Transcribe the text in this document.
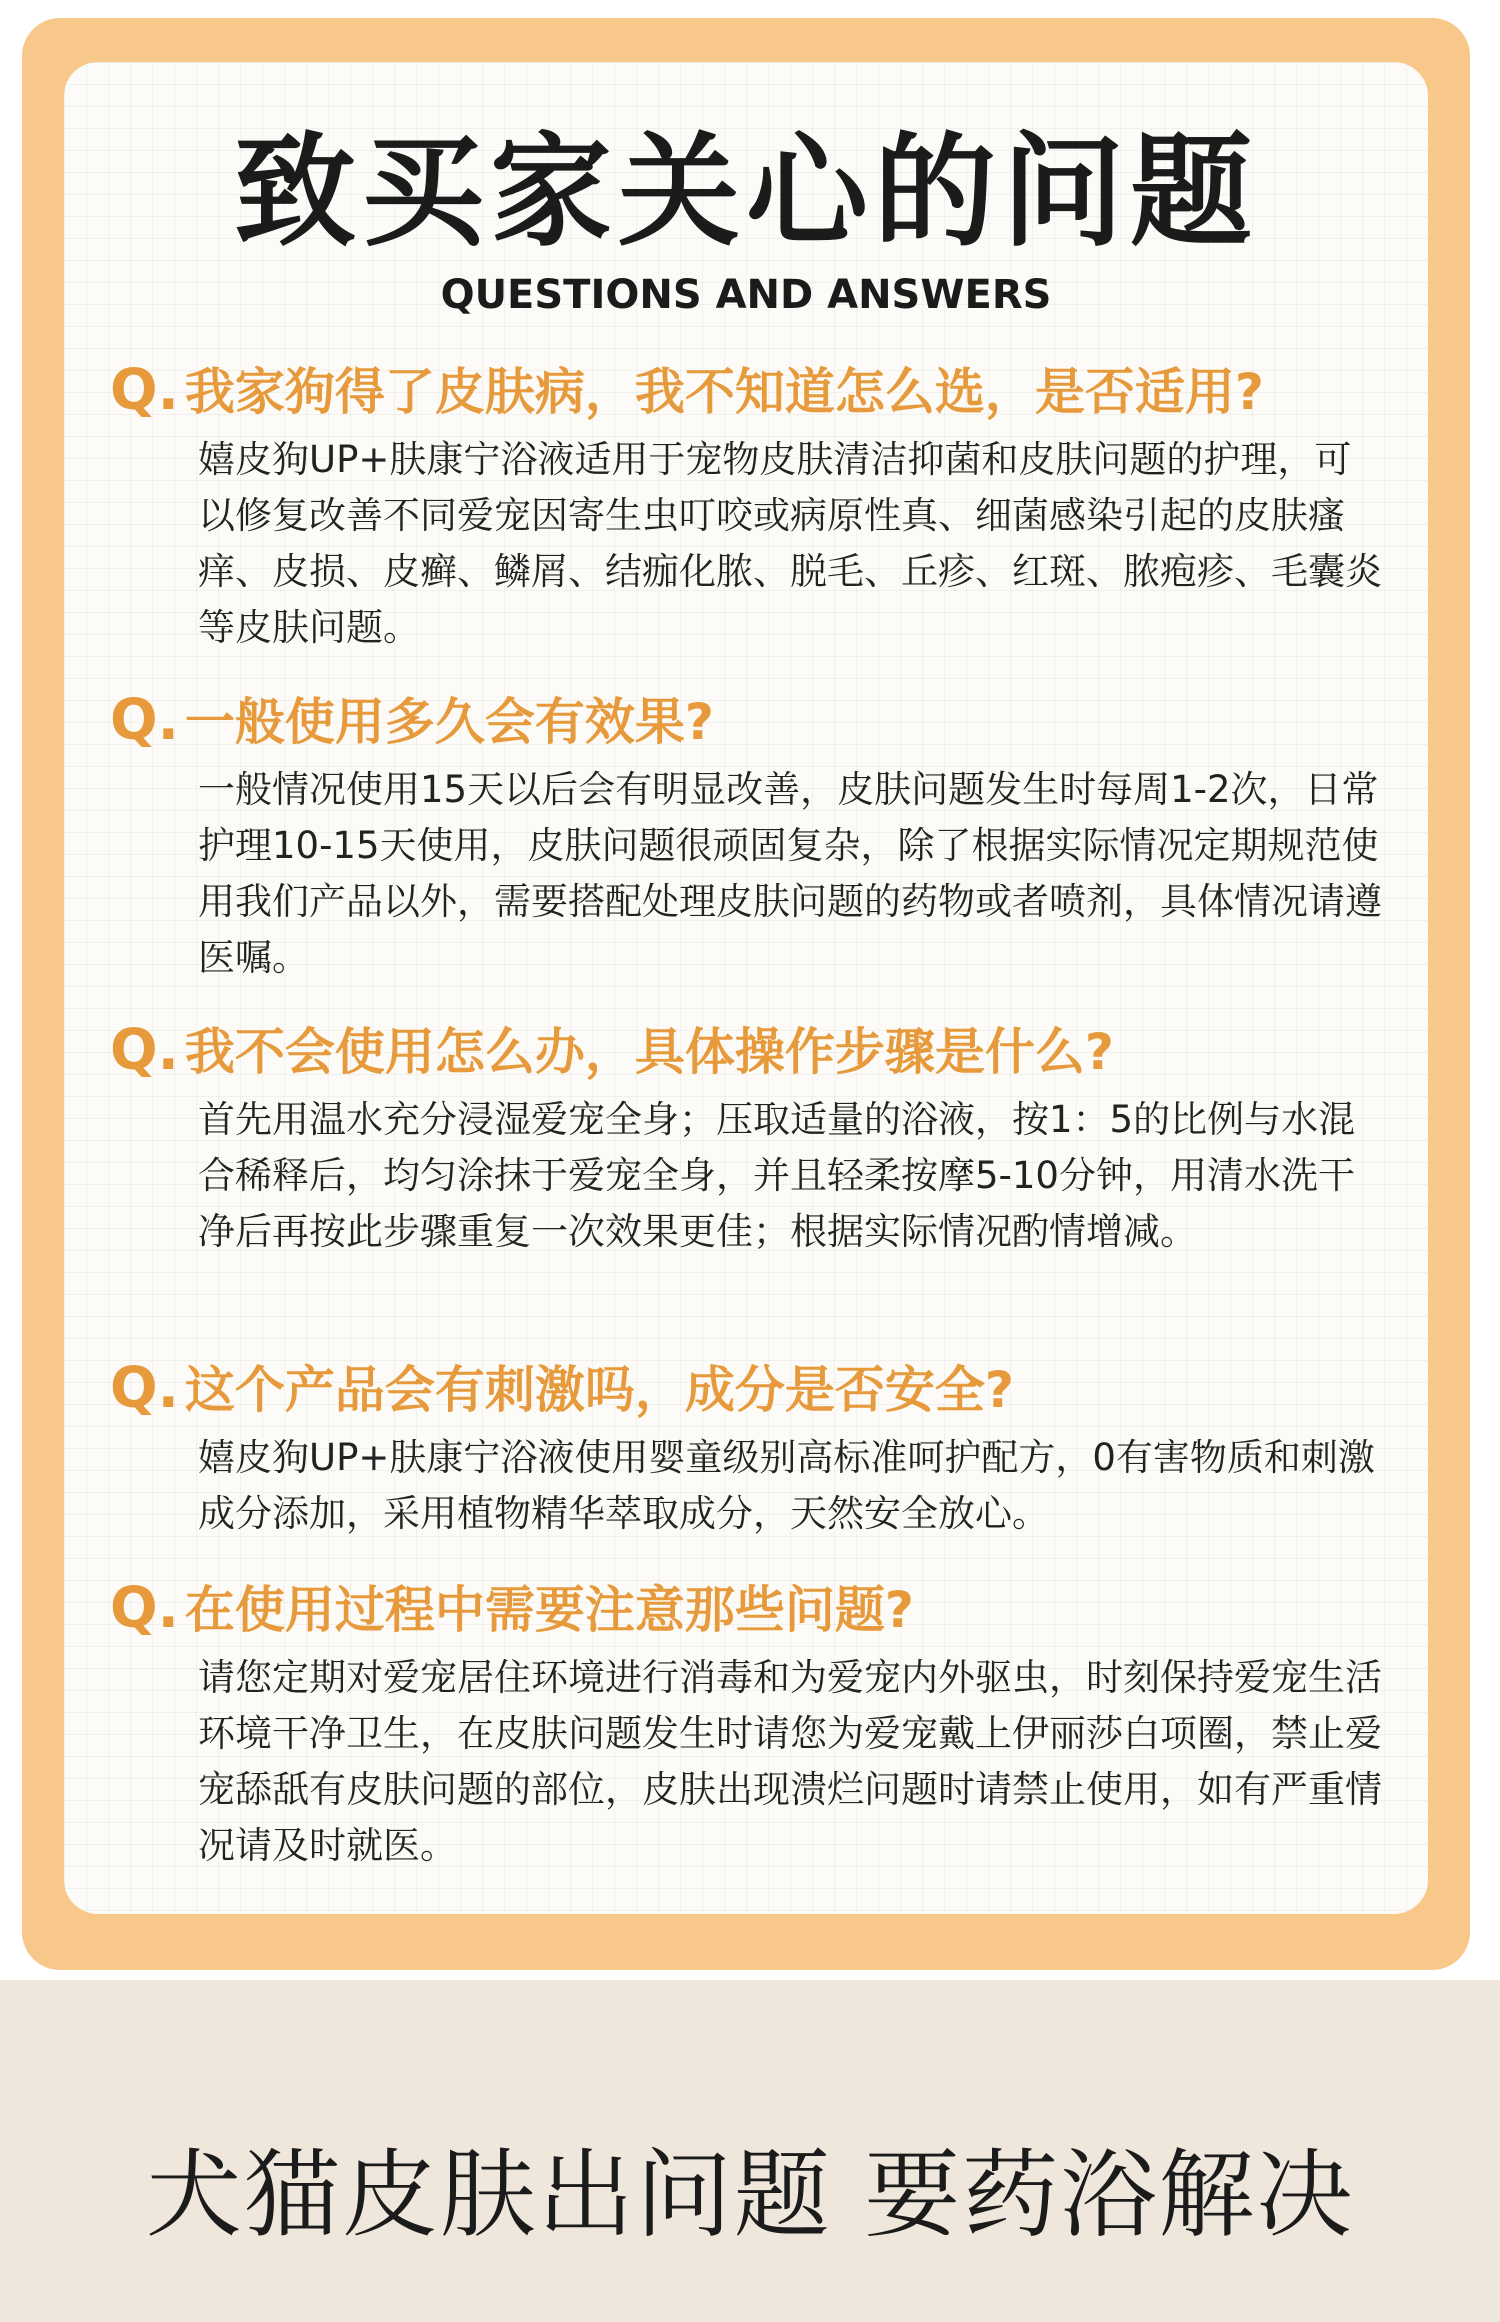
致买家关心的问题
QUESTIONS AND ANSWERS
Q. 我家狗得了皮肤病，我不知道怎么选，是否适用?
嬉皮狗UP+肤康宁浴液适用于宠物皮肤清洁抑菌和皮肤问题的护理，可以修复改善不同爱宠因寄生虫叮咬或病原性真、细菌感染引起的皮肤瘙痒、皮损、皮癣、鳞屑、结痂化脓、脱毛、丘疹、红斑、脓疱疹、毛囊炎等皮肤问题。
Q. 一般使用多久会有效果?
一般情况使用15天以后会有明显改善，皮肤问题发生时每周1-2次，日常护理10-15天使用，皮肤问题很顽固复杂，除了根据实际情况定期规范使用我们产品以外，需要搭配处理皮肤问题的药物或者喷剂，具体情况请遵医嘱。
Q. 我不会使用怎么办，具体操作步骤是什么?
首先用温水充分浸湿爱宠全身；压取适量的浴液，按1：5的比例与水混合稀释后，均匀涂抹于爱宠全身，并且轻柔按摩5-10分钟，用清水洗干净后再按此步骤重复一次效果更佳；根据实际情况酌情增减。
Q. 这个产品会有刺激吗，成分是否安全?
嬉皮狗UP+肤康宁浴液使用婴童级别高标准呵护配方，0有害物质和刺激成分添加，采用植物精华萃取成分，天然安全放心。
Q. 在使用过程中需要注意那些问题?
请您定期对爱宠居住环境进行消毒和为爱宠内外驱虫，时刻保持爱宠生活环境干净卫生，在皮肤问题发生时请您为爱宠戴上伊丽莎白项圈，禁止爱宠舔舐有皮肤问题的部位，皮肤出现溃烂问题时请禁止使用，如有严重情况请及时就医。
犬猫皮肤出问题 要药浴解决
